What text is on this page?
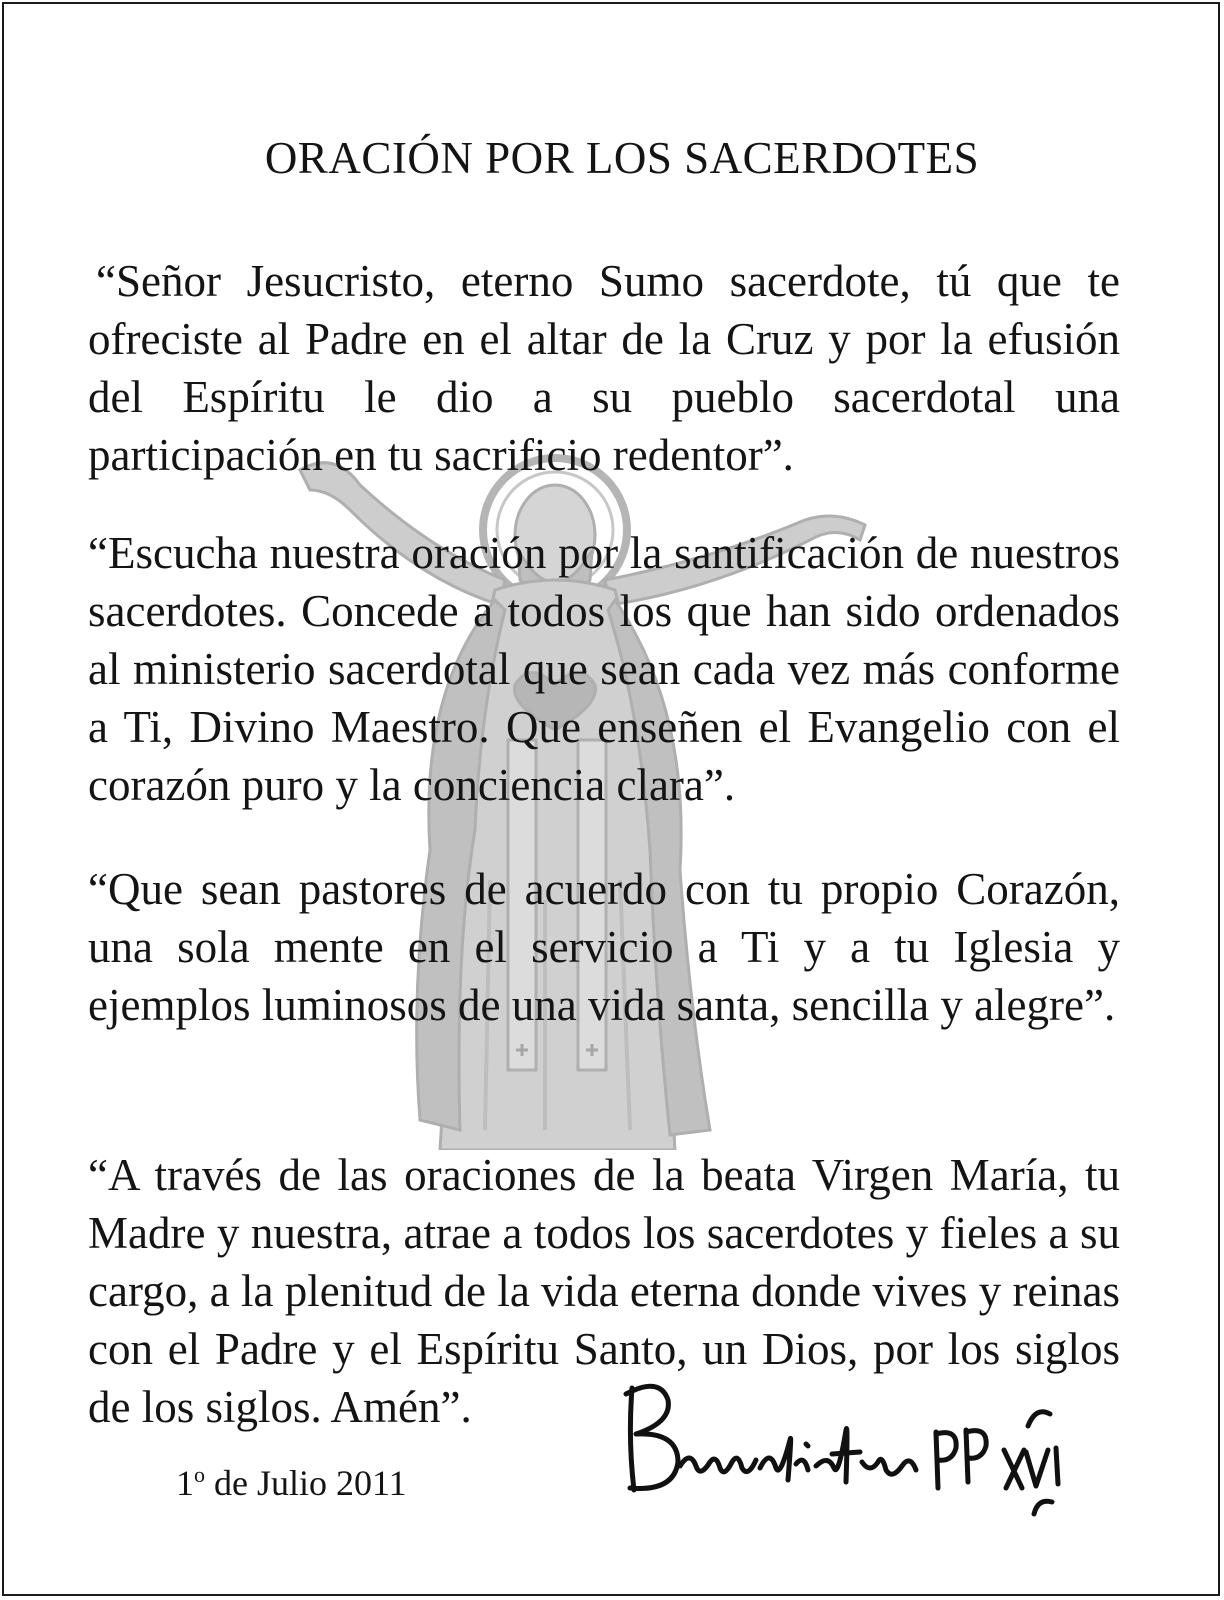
ORACIÓN POR LOS SACERDOTES

“Señor Jesucristo, eterno Sumo sacerdote, tú que te ofreciste al Padre en el altar de la Cruz y por la efusión del Espíritu le dio a su pueblo sacerdotal una participación en tu sacrificio redentor”.

“Escucha nuestra oración por la santificación de nuestros sacerdotes. Concede a todos los que han sido ordenados al ministerio sacerdotal que sean cada vez más conforme a Ti, Divino Maestro. Que enseñen el Evangelio con el corazón puro y la conciencia clara”.

“Que sean pastores de acuerdo con tu propio Corazón, una sola mente en el servicio a Ti y a tu Iglesia y ejemplos luminosos de una vida santa, sencilla y alegre”.

“A través de las oraciones de la beata Virgen María, tu Madre y nuestra, atrae a todos los sacerdotes y fieles a su cargo, a la plenitud de la vida eterna donde vives y reinas con el Padre y el Espíritu Santo, un Dios, por los siglos de los siglos. Amén”.

1$^o$ de Julio 2011
